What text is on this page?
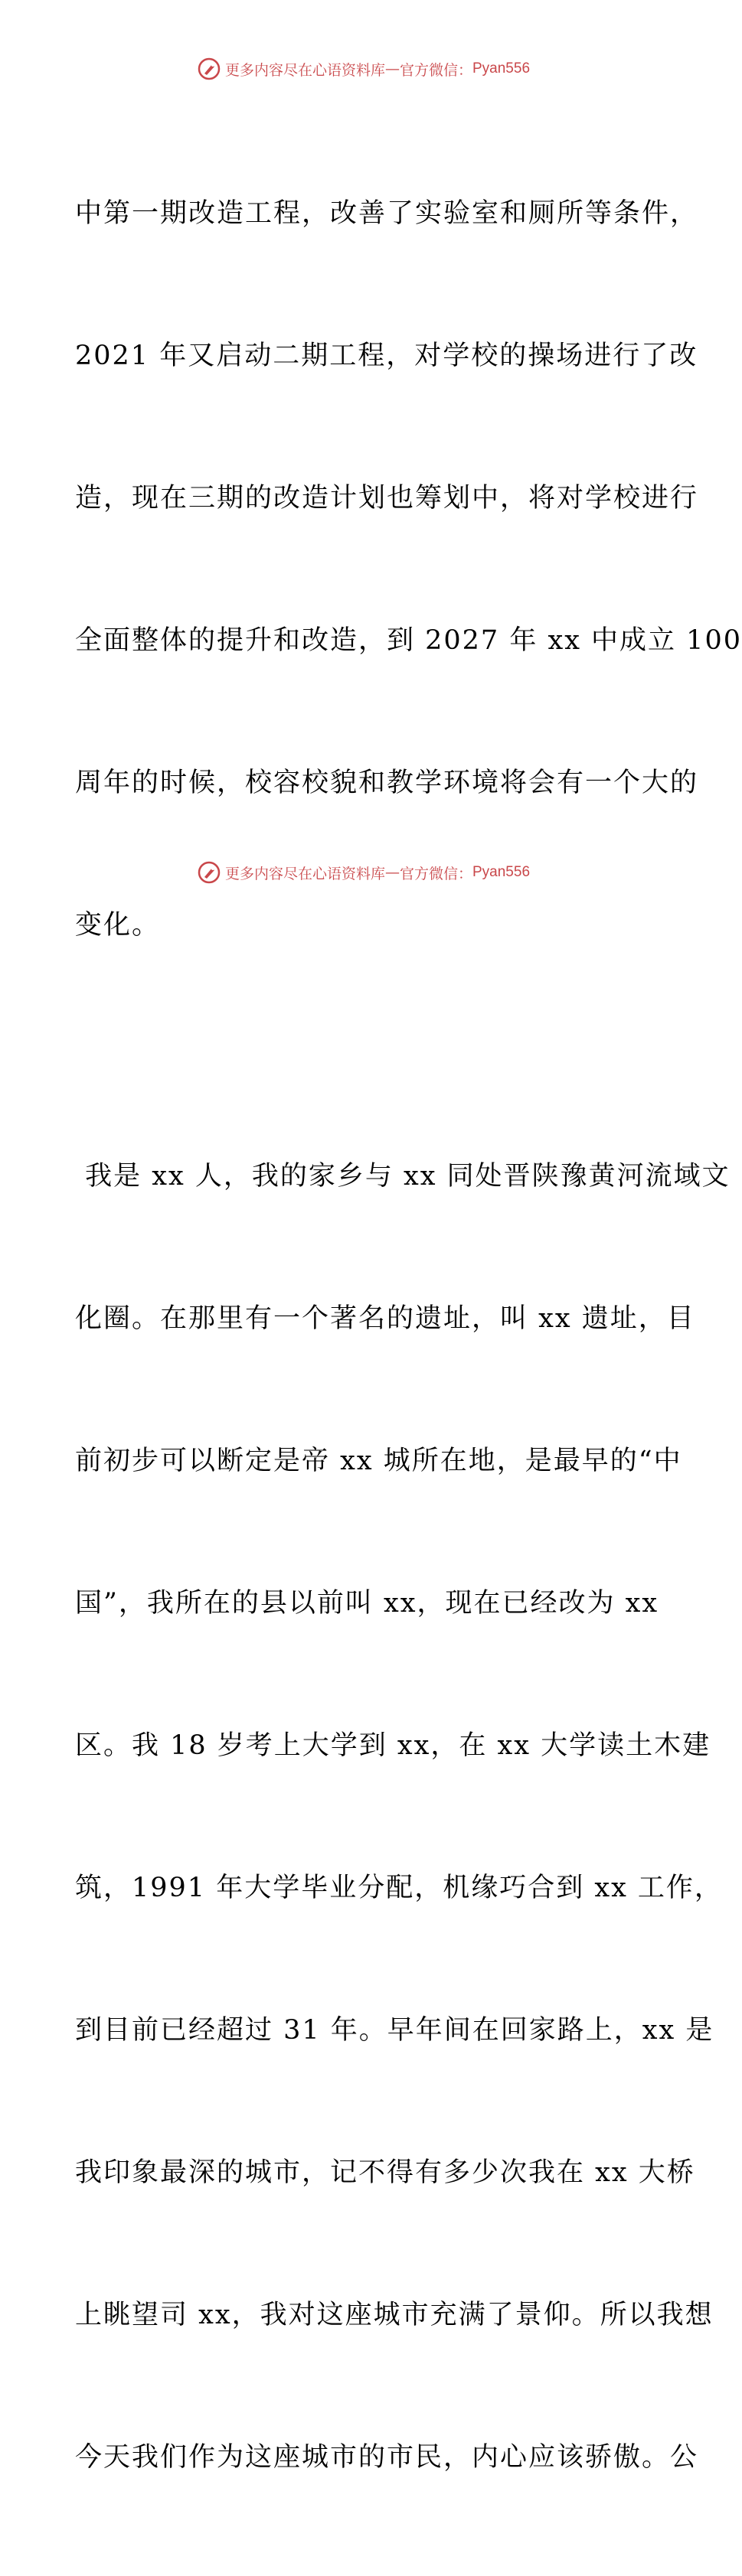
更多内容尽在心语资料库 — 官方微信： Pyan556

中第一期改造工程，改善了实验室和厕所等条件，

2021 年又启动二期工程，对学校的操场进行了改

造，现在三期的改造计划也筹划中，将对学校进行

全面整体的提升和改造，到 2027 年 xx 中成立 100

周年的时候，校容校貌和教学环境将会有一个大的

变化。

我是 xx 人，我的家乡与 xx 同处晋陕豫黄河流域文

化圈。在那里有一个著名的遗址，叫 xx 遗址，目

前初步可以断定是帝 xx 城所在地，是最早的“中

国”，我所在的县以前叫 xx，现在已经改为 xx

区。我 18 岁考上大学到 xx，在 xx 大学读土木建

筑，1991 年大学毕业分配，机缘巧合到 xx 工作，

到目前已经超过 31 年。早年间在回家路上，xx 是

我印象最深的城市，记不得有多少次我在 xx 大桥

上眺望司 xx，我对这座城市充满了景仰。所以我想

今天我们作为这座城市的市民，内心应该骄傲。公

更多内容尽在心语资料库 — 官方微信： Pyan556
